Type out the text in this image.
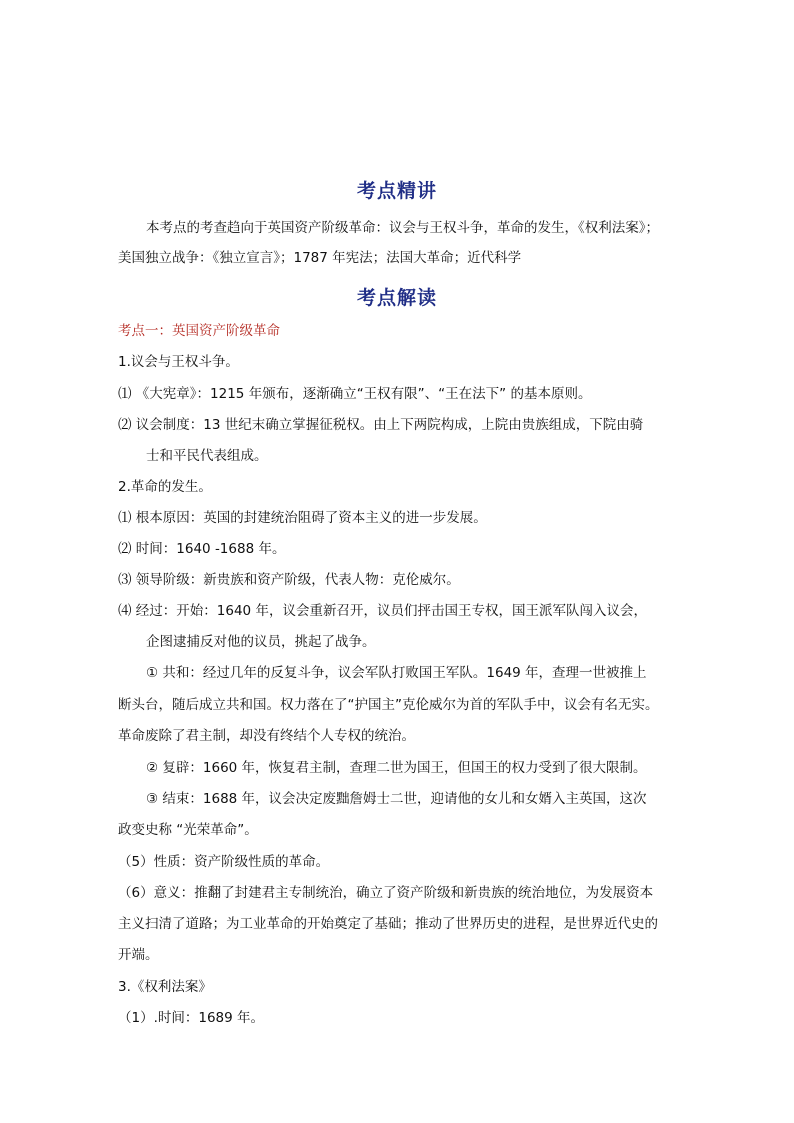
考点精讲
本考点的考查趋向于英国资产阶级革命：议会与王权斗争，革命的发生，《权利法案》；
美国独立战争：《独立宣言》；1787 年宪法；法国大革命；近代科学
考点解读
考点一：英国资产阶级革命
1.议会与王权斗争。
⑴ 《大宪章》：1215 年颁布，逐渐确立“王权有限”、“王在法下” 的基本原则。
⑵ 议会制度：13 世纪末确立掌握征税权。由上下两院构成，上院由贵族组成，下院由骑
士和平民代表组成。
2.革命的发生。
⑴ 根本原因：英国的封建统治阻碍了资本主义的进一步发展。
⑵ 时间：1640 -1688 年。
⑶ 领导阶级：新贵族和资产阶级，代表人物：克伦威尔。
⑷ 经过：开始：1640 年，议会重新召开，议员们抨击国王专权，国王派军队闯入议会，
企图逮捕反对他的议员，挑起了战争。
① 共和：经过几年的反复斗争，议会军队打败国王军队。1649 年，查理一世被推上
断头台，随后成立共和国。权力落在了“护国主”克伦威尔为首的军队手中，议会有名无实。
革命废除了君主制，却没有终结个人专权的统治。
② 复辟：1660 年，恢复君主制，查理二世为国王，但国王的权力受到了很大限制。
③ 结束：1688 年，议会决定废黜詹姆士二世，迎请他的女儿和女婿入主英国，这次
政变史称 “光荣革命”。
（5）性质：资产阶级性质的革命。
（6）意义：推翻了封建君主专制统治，确立了资产阶级和新贵族的统治地位，为发展资本
主义扫清了道路；为工业革命的开始奠定了基础；推动了世界历史的进程，是世界近代史的
开端。
3.《权利法案》
（1）.时间：1689 年。
